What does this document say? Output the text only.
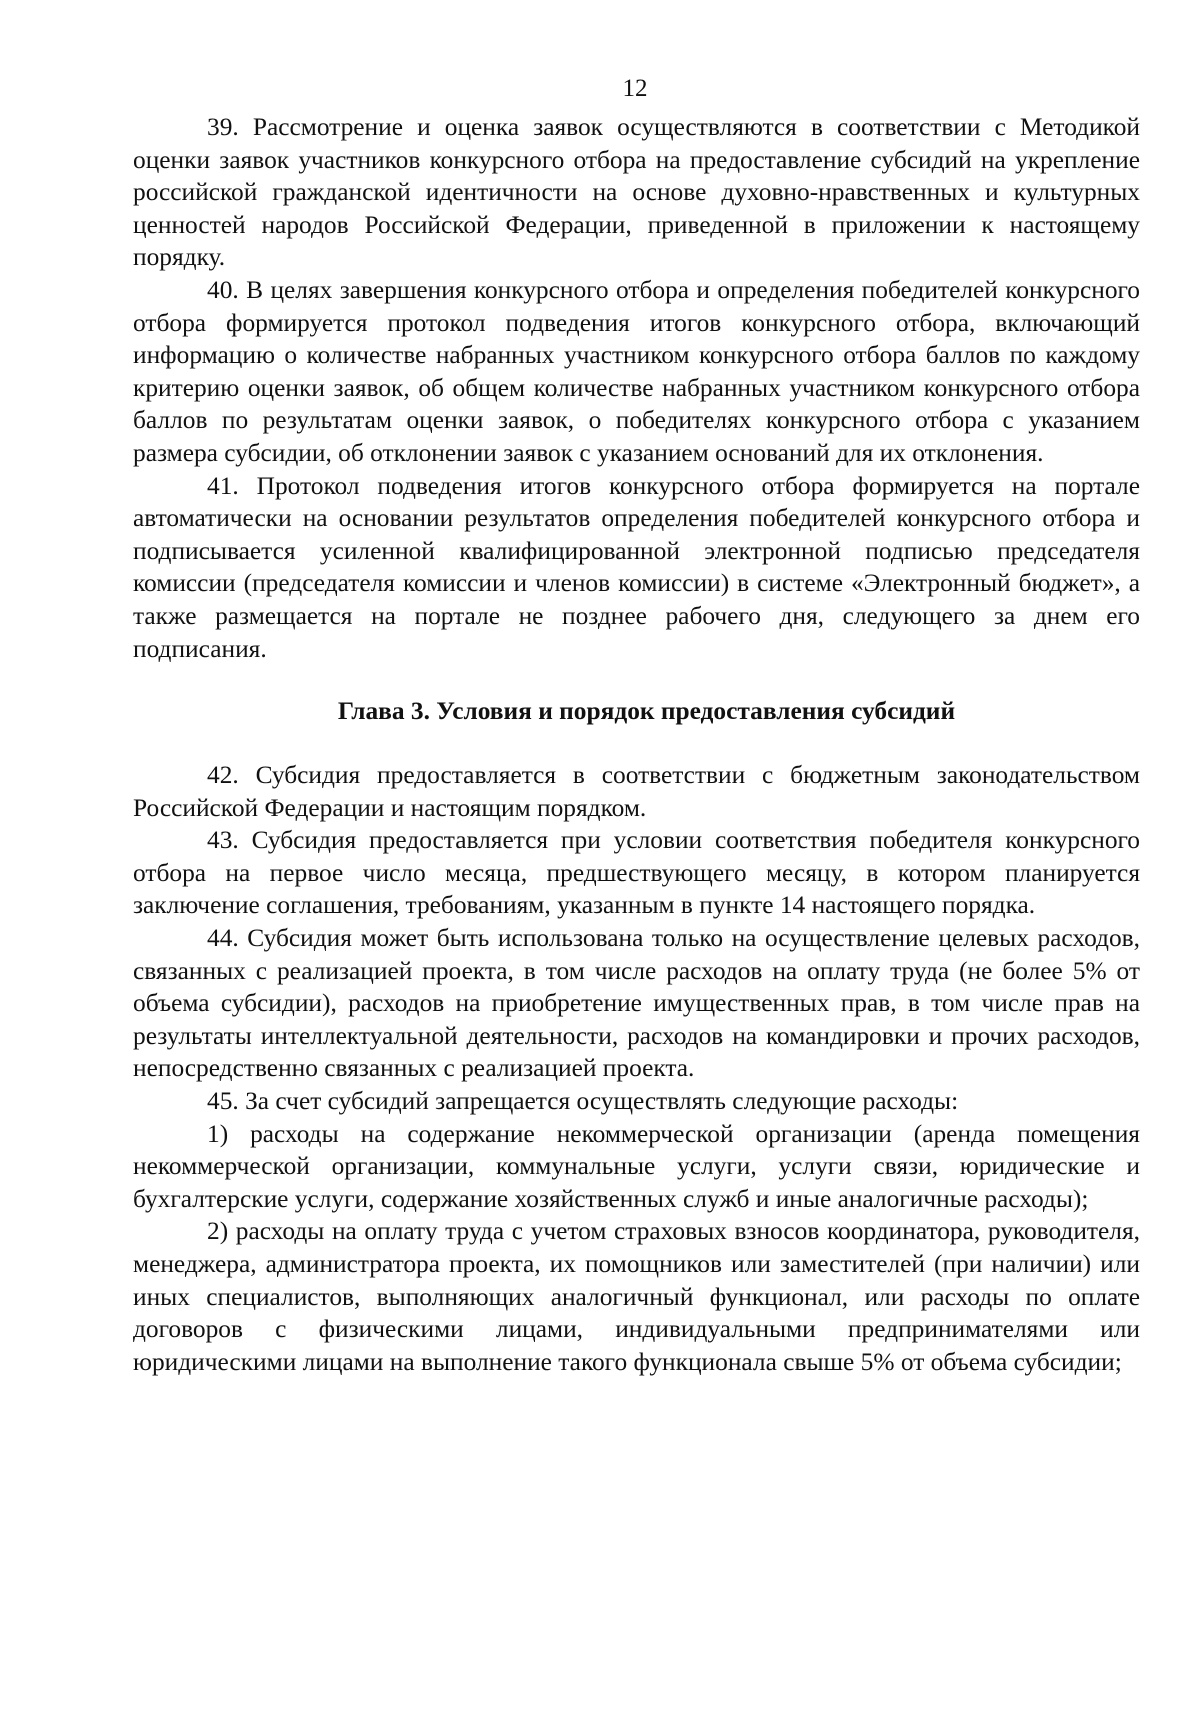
12

39. Рассмотрение и оценка заявок осуществляются в соответствии с Методикой оценки заявок участников конкурсного отбора на предоставление субсидий на укрепление российской гражданской идентичности на основе духовно-нравственных и культурных ценностей народов Российской Федерации, приведенной в приложении к настоящему порядку.

40. В целях завершения конкурсного отбора и определения победителей конкурсного отбора формируется протокол подведения итогов конкурсного отбора, включающий информацию о количестве набранных участником конкурсного отбора баллов по каждому критерию оценки заявок, об общем количестве набранных участником конкурсного отбора баллов по результатам оценки заявок, о победителях конкурсного отбора с указанием размера субсидии, об отклонении заявок с указанием оснований для их отклонения.

41. Протокол подведения итогов конкурсного отбора формируется на портале автоматически на основании результатов определения победителей конкурсного отбора и подписывается усиленной квалифицированной электронной подписью председателя комиссии (председателя комиссии и членов комиссии) в системе «Электронный бюджет», а также размещается на портале не позднее рабочего дня, следующего за днем его подписания.

Глава 3. Условия и порядок предоставления субсидий

42. Субсидия предоставляется в соответствии с бюджетным законодательством Российской Федерации и настоящим порядком.

43. Субсидия предоставляется при условии соответствия победителя конкурсного отбора на первое число месяца, предшествующего месяцу, в котором планируется заключение соглашения, требованиям, указанным в пункте 14 настоящего порядка.

44. Субсидия может быть использована только на осуществление целевых расходов, связанных с реализацией проекта, в том числе расходов на оплату труда (не более 5% от объема субсидии), расходов на приобретение имущественных прав, в том числе прав на результаты интеллектуальной деятельности, расходов на командировки и прочих расходов, непосредственно связанных с реализацией проекта.

45. За счет субсидий запрещается осуществлять следующие расходы:

1) расходы на содержание некоммерческой организации (аренда помещения некоммерческой организации, коммунальные услуги, услуги связи, юридические и бухгалтерские услуги, содержание хозяйственных служб и иные аналогичные расходы);

2) расходы на оплату труда с учетом страховых взносов координатора, руководителя, менеджера, администратора проекта, их помощников или заместителей (при наличии) или иных специалистов, выполняющих аналогичный функционал, или расходы по оплате договоров с физическими лицами, индивидуальными предпринимателями или юридическими лицами на выполнение такого функционала свыше 5% от объема субсидии;
